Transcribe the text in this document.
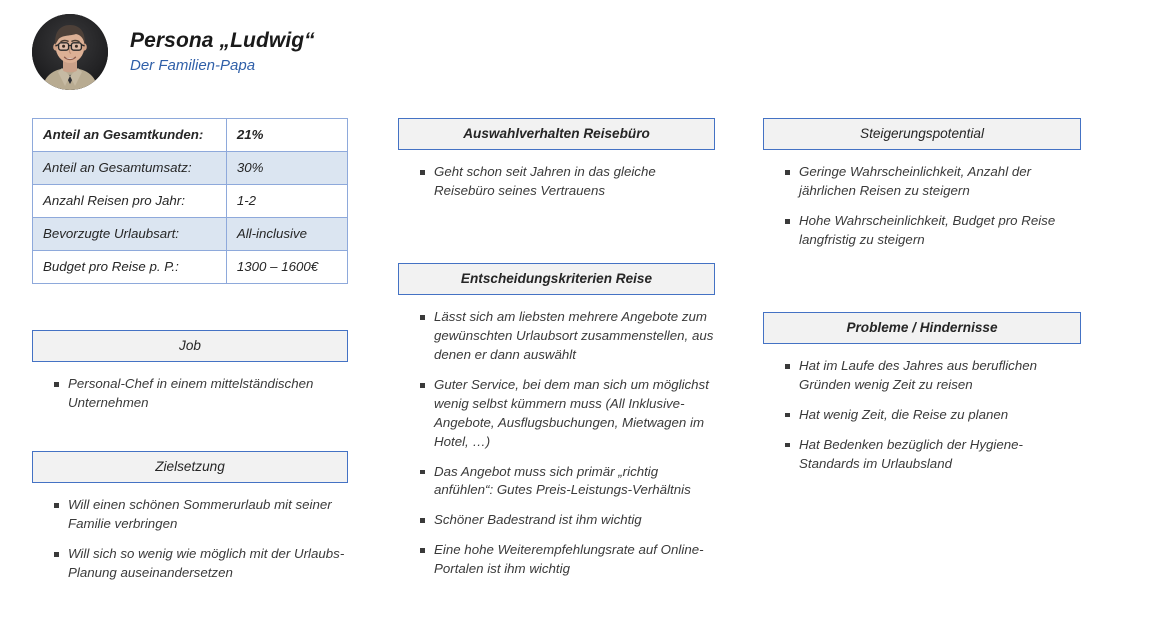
Persona „Ludwig“
Der Familien-Papa
Anteil an Gesamtkunden:	21%
Anteil an Gesamtumsatz:	30%
Anzahl Reisen pro Jahr:	1-2
Bevorzugte Urlaubsart:	All-inclusive
Budget pro Reise p. P.:	1300 – 1600€
Job
Personal-Chef in einem mittelständischen Unternehmen
Zielsetzung
Will einen schönen Sommerurlaub mit seiner Familie verbringen
Will sich so wenig wie möglich mit der Urlaubs-Planung auseinandersetzen
Auswahlverhalten Reisebüro
Geht schon seit Jahren in das gleiche Reisebüro seines Vertrauens
Entscheidungskriterien Reise
Lässt sich am liebsten mehrere Angebote zum gewünschten Urlaubsort zusammenstellen, aus denen er dann auswählt
Guter Service, bei dem man sich um möglichst wenig selbst kümmern muss (All Inklusive-Angebote, Ausflugsbuchungen, Mietwagen im Hotel, …)
Das Angebot muss sich primär „richtig anfühlen“: Gutes Preis-Leistungs-Verhältnis
Schöner Badestrand ist ihm wichtig
Eine hohe Weiterempfehlungsrate auf Online-Portalen ist ihm wichtig
Steigerungspotential
Geringe Wahrscheinlichkeit, Anzahl der jährlichen Reisen zu steigern
Hohe Wahrscheinlichkeit, Budget pro Reise langfristig zu steigern
Probleme / Hindernisse
Hat im Laufe des Jahres aus beruflichen Gründen wenig Zeit zu reisen
Hat wenig Zeit, die Reise zu planen
Hat Bedenken bezüglich der Hygiene-Standards im Urlaubsland
